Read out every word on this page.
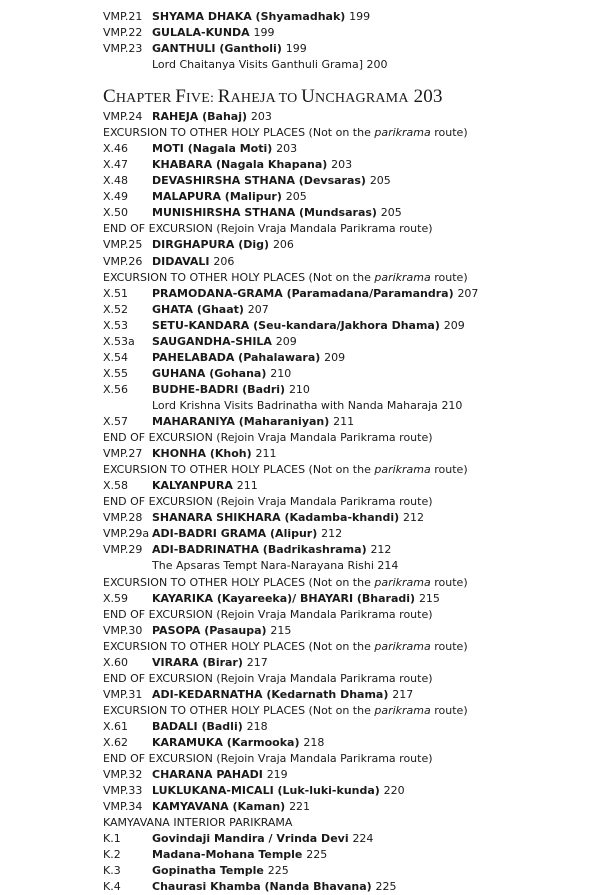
VMP.21 SHYAMA DHAKA (Shyamadhak) 199
VMP.22 GULALA-KUNDA 199
VMP.23 GANTHULI (Gantholi) 199
Lord Chaitanya Visits Ganthuli Grama] 200
CHAPTER FIVE: RAHEJA TO UNCHAGRAMA 203
VMP.24 RAHEJA (Bahaj) 203
EXCURSION TO OTHER HOLY PLACES (Not on the parikrama route)
X.46 MOTI (Nagala Moti) 203
X.47 KHABARA (Nagala Khapana) 203
X.48 DEVASHIRSHA STHANA (Devsaras) 205
X.49 MALAPURA (Malipur) 205
X.50 MUNISHIRSHA STHANA (Mundsaras) 205
END OF EXCURSION (Rejoin Vraja Mandala Parikrama route)
VMP.25 DIRGHAPURA (Dig) 206
VMP.26 DIDAVALI 206
EXCURSION TO OTHER HOLY PLACES (Not on the parikrama route)
X.51 PRAMODANA-GRAMA (Paramadana/Paramandra) 207
X.52 GHATA (Ghaat) 207
X.53 SETU-KANDARA (Seu-kandara/Jakhora Dhama) 209
X.53a SAUGANDHA-SHILA 209
X.54 PAHELABADA (Pahalawara) 209
X.55 GUHANA (Gohana) 210
X.56 BUDHE-BADRI (Badri) 210
Lord Krishna Visits Badrinatha with Nanda Maharaja 210
X.57 MAHARANIYA (Maharaniyan) 211
END OF EXCURSION (Rejoin Vraja Mandala Parikrama route)
VMP.27 KHONHA (Khoh) 211
EXCURSION TO OTHER HOLY PLACES (Not on the parikrama route)
X.58 KALYANPURA 211
END OF EXCURSION (Rejoin Vraja Mandala Parikrama route)
VMP.28 SHANARA SHIKHARA (Kadamba-khandi) 212
VMP.29a ADI-BADRI GRAMA (Alipur) 212
VMP.29 ADI-BADRINATHA (Badrikashrama) 212
The Apsaras Tempt Nara-Narayana Rishi 214
EXCURSION TO OTHER HOLY PLACES (Not on the parikrama route)
X.59 KAYARIKA (Kayareeka)/ BHAYARI (Bharadi) 215
END OF EXCURSION (Rejoin Vraja Mandala Parikrama route)
VMP.30 PASOPA (Pasaupa) 215
EXCURSION TO OTHER HOLY PLACES (Not on the parikrama route)
X.60 VIRARA (Birar) 217
END OF EXCURSION (Rejoin Vraja Mandala Parikrama route)
VMP.31 ADI-KEDARNATHA (Kedarnath Dhama) 217
EXCURSION TO OTHER HOLY PLACES (Not on the parikrama route)
X.61 BADALI (Badli) 218
X.62 KARAMUKA (Karmooka) 218
END OF EXCURSION (Rejoin Vraja Mandala Parikrama route)
VMP.32 CHARANA PAHADI 219
VMP.33 LUKLUKANA-MICALI (Luk-luki-kunda) 220
VMP.34 KAMYAVANA (Kaman) 221
KAMYAVANA INTERIOR PARIKRAMA
K.1	Govindaji Mandira / Vrinda Devi 224
K.2	Madana-Mohana Temple 225
K.3	Gopinatha Temple 225
K.4	Chaurasi Khamba (Nanda Bhavana) 225
